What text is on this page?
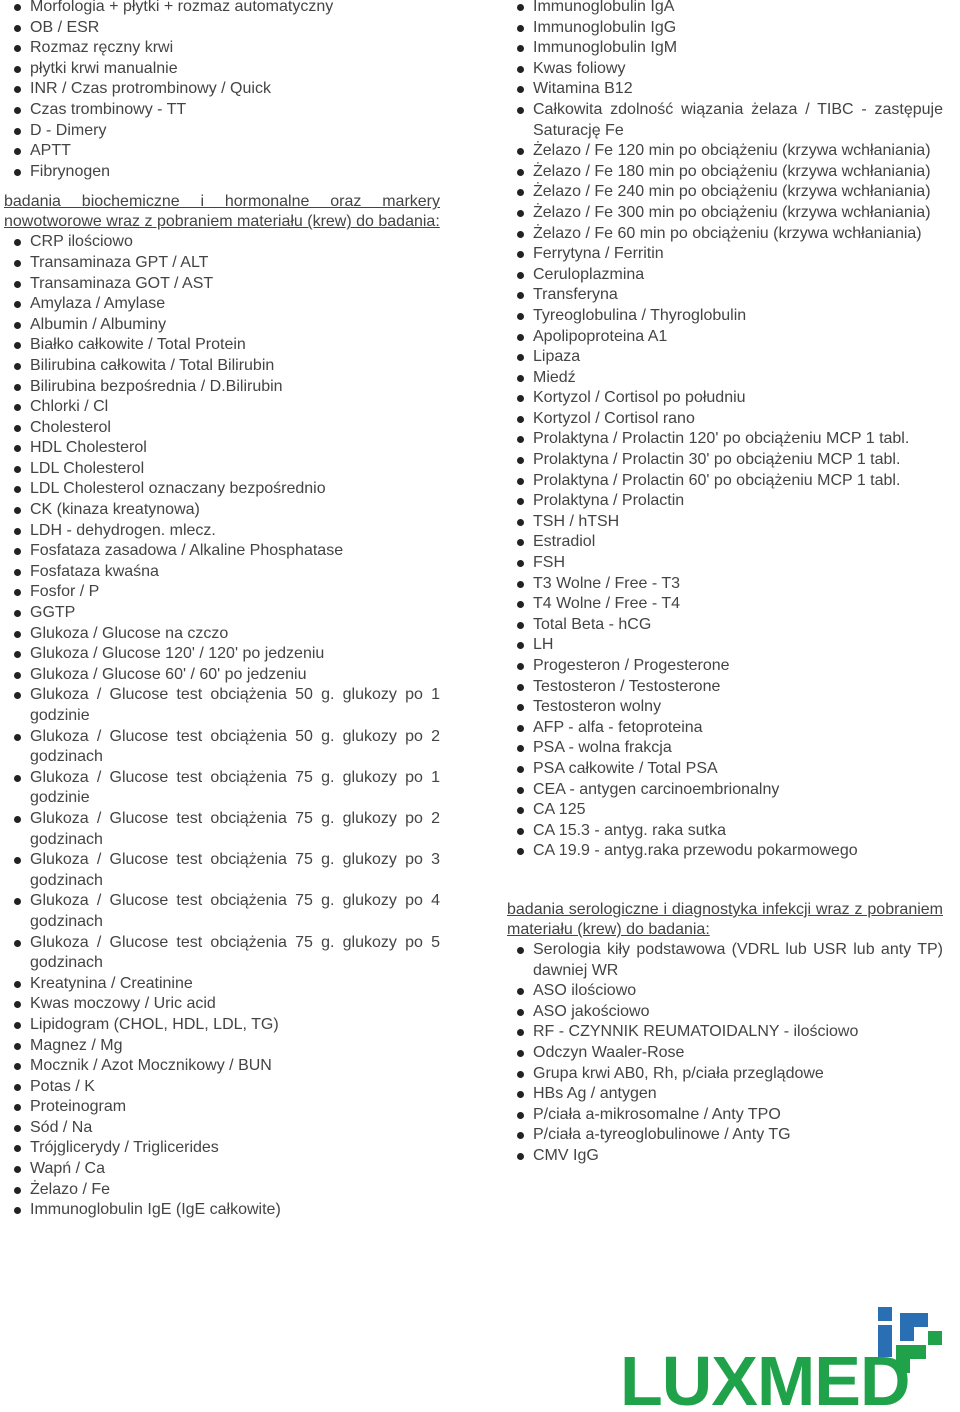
Morfologia + płytki + rozmaz automatyczny
OB / ESR
Rozmaz ręczny krwi
płytki krwi manualnie
INR / Czas protrombinowy / Quick
Czas trombinowy - TT
D - Dimery
APTT
Fibrynogen

badania biochemiczne i hormonalne oraz markery nowotworowe wraz z pobraniem materiału (krew) do badania:

CRP ilościowo
Transaminaza GPT / ALT
Transaminaza GOT / AST
Amylaza / Amylase
Albumin / Albuminy
Białko całkowite / Total Protein
Bilirubina całkowita / Total Bilirubin
Bilirubina bezpośrednia / D.Bilirubin
Chlorki / Cl
Cholesterol
HDL Cholesterol
LDL Cholesterol
LDL Cholesterol oznaczany bezpośrednio
CK (kinaza kreatynowa)
LDH - dehydrogen. mlecz.
Fosfataza zasadowa / Alkaline Phosphatase
Fosfataza kwaśna
Fosfor / P
GGTP
Glukoza / Glucose na czczo
Glukoza / Glucose 120' / 120' po jedzeniu
Glukoza / Glucose 60' / 60' po jedzeniu
Glukoza / Glucose test obciążenia 50 g. glukozy po 1 godzinie
Glukoza / Glucose test obciążenia 50 g. glukozy po 2 godzinach
Glukoza / Glucose test obciążenia 75 g. glukozy po 1 godzinie
Glukoza / Glucose test obciążenia 75 g. glukozy po 2 godzinach
Glukoza / Glucose test obciążenia 75 g. glukozy po 3 godzinach
Glukoza / Glucose test obciążenia 75 g. glukozy po 4 godzinach
Glukoza / Glucose test obciążenia 75 g. glukozy po 5 godzinach
Kreatynina / Creatinine
Kwas moczowy / Uric acid
Lipidogram (CHOL, HDL, LDL, TG)
Magnez / Mg
Mocznik / Azot Mocznikowy / BUN
Potas / K
Proteinogram
Sód / Na
Trójglicerydy / Triglicerides
Wapń / Ca
Żelazo / Fe
Immunoglobulin IgE (IgE całkowite)
Immunoglobulin IgA
Immunoglobulin IgG
Immunoglobulin IgM
Kwas foliowy
Witamina B12
Całkowita zdolność wiązania żelaza / TIBC - zastępuje Saturację Fe
Żelazo / Fe 120 min po obciążeniu (krzywa wchłaniania)
Żelazo / Fe 180 min po obciążeniu (krzywa wchłaniania)
Żelazo / Fe 240 min po obciążeniu (krzywa wchłaniania)
Żelazo / Fe 300 min po obciążeniu (krzywa wchłaniania)
Żelazo / Fe 60 min po obciążeniu (krzywa wchłaniania)
Ferrytyna / Ferritin
Ceruloplazmina
Transferyna
Tyreoglobulina / Thyroglobulin
Apolipoproteina A1
Lipaza
Miedź
Kortyzol / Cortisol po południu
Kortyzol / Cortisol rano
Prolaktyna / Prolactin 120' po obciążeniu MCP 1 tabl.
Prolaktyna / Prolactin 30' po obciążeniu MCP 1 tabl.
Prolaktyna / Prolactin 60' po obciążeniu MCP 1 tabl.
Prolaktyna / Prolactin
TSH / hTSH
Estradiol
FSH
T3 Wolne / Free - T3
T4 Wolne / Free - T4
Total Beta - hCG
LH
Progesteron / Progesterone
Testosteron / Testosterone
Testosteron wolny
AFP - alfa - fetoproteina
PSA - wolna frakcja
PSA całkowite / Total PSA
CEA - antygen carcinoembrionalny
CA 125
CA 15.3 - antyg. raka sutka
CA 19.9 - antyg.raka przewodu pokarmowego

badania serologiczne i diagnostyka infekcji wraz z pobraniem materiału (krew) do badania:

Serologia kiły podstawowa (VDRL lub USR lub anty TP) dawniej WR
ASO ilościowo
ASO jakościowo
RF - CZYNNIK REUMATOIDALNY - ilościowo
Odczyn Waaler-Rose
Grupa krwi AB0, Rh, p/ciała przeglądowe
HBs Ag / antygen
P/ciała a-mikrosomalne / Anty TPO
P/ciała a-tyreoglobulinowe / Anty TG
CMV IgG
LUXMED
